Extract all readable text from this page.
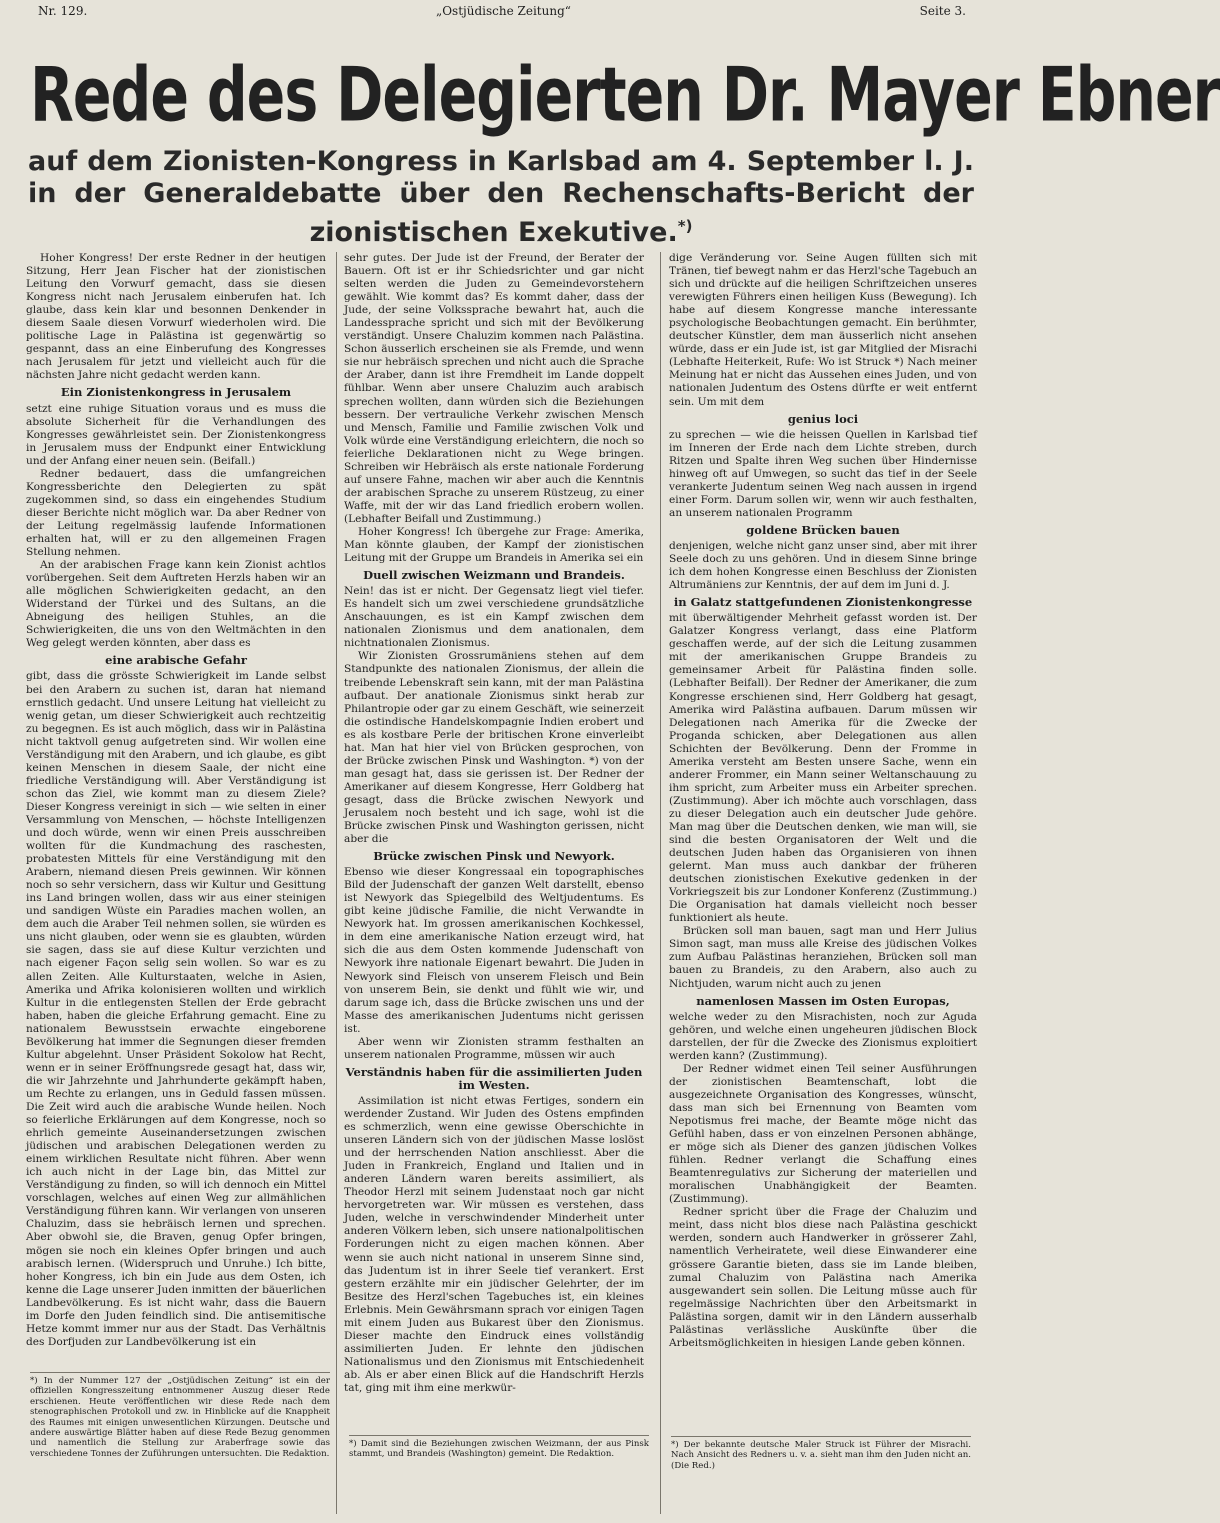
Nr. 129.	„Ostjüdische Zeitung“	Seite 3.
Rede des Delegierten Dr. Mayer Ebner
auf dem Zionisten-Kongress in Karlsbad am 4. September l. J.
in der Generaldebatte über den Rechenschafts-Bericht der
zionistischen Exekutive.*)

Hoher Kongress! Der erste Redner in der heutigen Sitzung, Herr Jean Fischer hat der zionistischen Leitung den Vorwurf gemacht, dass sie diesen Kongress nicht nach Jerusalem einberufen hat. Ich glaube, dass kein klar und besonnen Denkender in diesem Saale diesen Vorwurf wiederholen wird. Die politische Lage in Palästina ist gegenwärtig so gespannt, dass an eine Einberufung des Kongresses nach Jerusalem für jetzt und vielleicht auch für die nächsten Jahre nicht gedacht werden kann.

Ein Zionistenkongress in Jerusalem

setzt eine ruhige Situation voraus und es muss die absolute Sicherheit für die Verhandlungen des Kongresses gewährleistet sein. Der Zionistenkongress in Jerusalem muss der Endpunkt einer Entwicklung und der Anfang einer neuen sein. (Beifall.)

Redner bedauert, dass die umfangreichen Kongressberichte den Delegierten zu spät zugekommen sind, so dass ein eingehendes Studium dieser Berichte nicht möglich war. Da aber Redner von der Leitung regelmässig laufende Informationen erhalten hat, will er zu den allgemeinen Fragen Stellung nehmen.

An der arabischen Frage kann kein Zionist achtlos vorübergehen. Seit dem Auftreten Herzls haben wir an alle möglichen Schwierigkeiten gedacht, an den Widerstand der Türkei und des Sultans, an die Abneigung des heiligen Stuhles, an die Schwierigkeiten, die uns von den Weltmächten in den Weg gelegt werden könnten, aber dass es

eine arabische Gefahr

gibt, dass die grösste Schwierigkeit im Lande selbst bei den Arabern zu suchen ist, daran hat niemand ernstlich gedacht. Und unsere Leitung hat vielleicht zu wenig getan, um dieser Schwierigkeit auch rechtzeitig zu begegnen. Es ist auch möglich, dass wir in Palästina nicht taktvoll genug aufgetreten sind. Wir wollen eine Verständigung mit den Arabern, und ich glaube, es gibt keinen Menschen in diesem Saale, der nicht eine friedliche Verständigung will. Aber Verständigung ist schon das Ziel, wie kommt man zu diesem Ziele? Dieser Kongress vereinigt in sich — wie selten in einer Versammlung von Menschen, — höchste Intelligenzen und doch würde, wenn wir einen Preis ausschreiben wollten für die Kundmachung des raschesten, probatesten Mittels für eine Verständigung mit den Arabern, niemand diesen Preis gewinnen. Wir können noch so sehr versichern, dass wir Kultur und Gesittung ins Land bringen wollen, dass wir aus einer steinigen und sandigen Wüste ein Paradies machen wollen, an dem auch die Araber Teil nehmen sollen, sie würden es uns nicht glauben, oder wenn sie es glaubten, würden sie sagen, dass sie auf diese Kultur verzichten und nach eigener Façon selig sein wollen. So war es zu allen Zeiten. Alle Kulturstaaten, welche in Asien, Amerika und Afrika kolonisieren wollten und wirklich Kultur in die entlegensten Stellen der Erde gebracht haben, haben die gleiche Erfahrung gemacht. Eine zu nationalem Bewusstsein erwachte eingeborene Bevölkerung hat immer die Segnungen dieser fremden Kultur abgelehnt. Unser Präsident Sokolow hat Recht, wenn er in seiner Eröffnungsrede gesagt hat, dass wir, die wir Jahrzehnte und Jahrhunderte gekämpft haben, um Rechte zu erlangen, uns in Geduld fassen müssen. Die Zeit wird auch die arabische Wunde heilen. Noch so feierliche Erklärungen auf dem Kongresse, noch so ehrlich gemeinte Auseinandersetzungen zwischen jüdischen und arabischen Delegationen werden zu einem wirklichen Resultate nicht führen. Aber wenn ich auch nicht in der Lage bin, das Mittel zur Verständigung zu finden, so will ich dennoch ein Mittel vorschlagen, welches auf einen Weg zur allmählichen Verständigung führen kann. Wir verlangen von unseren Chaluzim, dass sie hebräisch lernen und sprechen. Aber obwohl sie, die Braven, genug Opfer bringen, mögen sie noch ein kleines Opfer bringen und auch arabisch lernen. (Widerspruch und Unruhe.) Ich bitte, hoher Kongress, ich bin ein Jude aus dem Osten, ich kenne die Lage unserer Juden inmitten der bäuerlichen Landbevölkerung. Es ist nicht wahr, dass die Bauern im Dorfe den Juden feindlich sind. Die antisemitische Hetze kommt immer nur aus der Stadt. Das Verhältnis des Dorfjuden zur Landbevölkerung ist ein

sehr gutes. Der Jude ist der Freund, der Berater der Bauern. Oft ist er ihr Schiedsrichter und gar nicht selten werden die Juden zu Gemeindevorstehern gewählt. Wie kommt das? Es kommt daher, dass der Jude, der seine Volkssprache bewahrt hat, auch die Landessprache spricht und sich mit der Bevölkerung verständigt. Unsere Chaluzim kommen nach Palästina. Schon äusserlich erscheinen sie als Fremde, und wenn sie nur hebräisch sprechen und nicht auch die Sprache der Araber, dann ist ihre Fremdheit im Lande doppelt fühlbar. Wenn aber unsere Chaluzim auch arabisch sprechen wollten, dann würden sich die Beziehungen bessern. Der vertrauliche Verkehr zwischen Mensch und Mensch, Familie und Familie zwischen Volk und Volk würde eine Verständigung erleichtern, die noch so feierliche Deklarationen nicht zu Wege bringen. Schreiben wir Hebräisch als erste nationale Forderung auf unsere Fahne, machen wir aber auch die Kenntnis der arabischen Sprache zu unserem Rüstzeug, zu einer Waffe, mit der wir das Land friedlich erobern wollen. (Lebhafter Beifall und Zustimmung.)

Hoher Kongress! Ich übergehe zur Frage: Amerika, Man könnte glauben, der Kampf der zionistischen Leitung mit der Gruppe um Brandeis in Amerika sei ein

Duell zwischen Weizmann und Brandeis.

Nein! das ist er nicht. Der Gegensatz liegt viel tiefer. Es handelt sich um zwei verschiedene grundsätzliche Anschauungen, es ist ein Kampf zwischen dem nationalen Zionismus und dem anationalen, dem nichtnationalen Zionismus.

Wir Zionisten Grossrumäniens stehen auf dem Standpunkte des nationalen Zionismus, der allein die treibende Lebenskraft sein kann, mit der man Palästina aufbaut. Der anationale Zionismus sinkt herab zur Philantropie oder gar zu einem Geschäft, wie seinerzeit die ostindische Handelskompagnie Indien erobert und es als kostbare Perle der britischen Krone einverleibt hat. Man hat hier viel von Brücken gesprochen, von der Brücke zwischen Pinsk und Washington. *) von der man gesagt hat, dass sie gerissen ist. Der Redner der Amerikaner auf diesem Kongresse, Herr Goldberg hat gesagt, dass die Brücke zwischen Newyork und Jerusalem noch besteht und ich sage, wohl ist die Brücke zwischen Pinsk und Washington gerissen, nicht aber die

Brücke zwischen Pinsk und Newyork.

Ebenso wie dieser Kongressaal ein topographisches Bild der Judenschaft der ganzen Welt darstellt, ebenso ist Newyork das Spiegelbild des Weltjudentums. Es gibt keine jüdische Familie, die nicht Verwandte in Newyork hat. Im grossen amerikanischen Kochkessel, in dem eine amerikanische Nation erzeugt wird, hat sich die aus dem Osten kommende Judenschaft von Newyork ihre nationale Eigenart bewahrt. Die Juden in Newyork sind Fleisch von unserem Fleisch und Bein von unserem Bein, sie denkt und fühlt wie wir, und darum sage ich, dass die Brücke zwischen uns und der Masse des amerikanischen Judentums nicht gerissen ist.

Aber wenn wir Zionisten stramm festhalten an unserem nationalen Programme, müssen wir auch

Verständnis haben für die assimilierten Juden im Westen.

Assimilation ist nicht etwas Fertiges, sondern ein werdender Zustand. Wir Juden des Ostens empfinden es schmerzlich, wenn eine gewisse Oberschichte in unseren Ländern sich von der jüdischen Masse loslöst und der herrschenden Nation anschliesst. Aber die Juden in Frankreich, England und Italien und in anderen Ländern waren bereits assimiliert, als Theodor Herzl mit seinem Judenstaat noch gar nicht hervorgetreten war. Wir müssen es verstehen, dass Juden, welche in verschwindender Minderheit unter anderen Völkern leben, sich unsere nationalpolitischen Forderungen nicht zu eigen machen können. Aber wenn sie auch nicht national in unserem Sinne sind, das Judentum ist in ihrer Seele tief verankert. Erst gestern erzählte mir ein jüdischer Gelehrter, der im Besitze des Herzl'schen Tagebuches ist, ein kleines Erlebnis. Mein Gewährsmann sprach vor einigen Tagen mit einem Juden aus Bukarest über den Zionismus. Dieser machte den Eindruck eines vollständig assimilierten Juden. Er lehnte den jüdischen Nationalismus und den Zionismus mit Entschiedenheit ab. Als er aber einen Blick auf die Handschrift Herzls tat, ging mit ihm eine merkwür-

dige Veränderung vor. Seine Augen füllten sich mit Tränen, tief bewegt nahm er das Herzl'sche Tagebuch an sich und drückte auf die heiligen Schriftzeichen unseres verewigten Führers einen heiligen Kuss (Bewegung). Ich habe auf diesem Kongresse manche interessante psychologische Beobachtungen gemacht. Ein berühmter, deutscher Künstler, dem man äusserlich nicht ansehen würde, dass er ein Jude ist, ist gar Mitglied der Misrachi (Lebhafte Heiterkeit, Rufe: Wo ist Struck *) Nach meiner Meinung hat er nicht das Aussehen eines Juden, und von nationalen Judentum des Ostens dürfte er weit entfernt sein. Um mit dem

genius loci

zu sprechen — wie die heissen Quellen in Karlsbad tief im Inneren der Erde nach dem Lichte streben, durch Ritzen und Spalte ihren Weg suchen über Hindernisse hinweg oft auf Umwegen, so sucht das tief in der Seele verankerte Judentum seinen Weg nach aussen in irgend einer Form. Darum sollen wir, wenn wir auch festhalten, an unserem nationalen Programm

goldene Brücken bauen

denjenigen, welche nicht ganz unser sind, aber mit ihrer Seele doch zu uns gehören. Und in diesem Sinne bringe ich dem hohen Kongresse einen Beschluss der Zionisten Altrumäniens zur Kenntnis, der auf dem im Juni d. J.

in Galatz stattgefundenen Zionistenkongresse

mit überwältigender Mehrheit gefasst worden ist. Der Galatzer Kongress verlangt, dass eine Platform geschaffen werde, auf der sich die Leitung zusammen mit der amerikanischen Gruppe Brandeis zu gemeinsamer Arbeit für Palästina finden solle. (Lebhafter Beifall). Der Redner der Amerikaner, die zum Kongresse erschienen sind, Herr Goldberg hat gesagt, Amerika wird Palästina aufbauen. Darum müssen wir Delegationen nach Amerika für die Zwecke der Proganda schicken, aber Delegationen aus allen Schichten der Bevölkerung. Denn der Fromme in Amerika versteht am Besten unsere Sache, wenn ein anderer Frommer, ein Mann seiner Weltanschauung zu ihm spricht, zum Arbeiter muss ein Arbeiter sprechen. (Zustimmung). Aber ich möchte auch vorschlagen, dass zu dieser Delegation auch ein deutscher Jude gehöre. Man mag über die Deutschen denken, wie man will, sie sind die besten Organisatoren der Welt und die deutschen Juden haben das Organisieren von ihnen gelernt. Man muss auch dankbar der früheren deutschen zionistischen Exekutive gedenken in der Vorkriegszeit bis zur Londoner Konferenz (Zustimmung.) Die Organisation hat damals vielleicht noch besser funktioniert als heute.

Brücken soll man bauen, sagt man und Herr Julius Simon sagt, man muss alle Kreise des jüdischen Volkes zum Aufbau Palästinas heranziehen, Brücken soll man bauen zu Brandeis, zu den Arabern, also auch zu Nichtjuden, warum nicht auch zu jenen

namenlosen Massen im Osten Europas,

welche weder zu den Misrachisten, noch zur Aguda gehören, und welche einen ungeheuren jüdischen Block darstellen, der für die Zwecke des Zionismus exploitiert werden kann? (Zustimmung).

Der Redner widmet einen Teil seiner Ausführungen der zionistischen Beamtenschaft, lobt die ausgezeichnete Organisation des Kongresses, wünscht, dass man sich bei Ernennung von Beamten vom Nepotismus frei mache, der Beamte möge nicht das Gefühl haben, dass er von einzelnen Personen abhänge, er möge sich als Diener des ganzen jüdischen Volkes fühlen. Redner verlangt die Schaffung eines Beamtenregulativs zur Sicherung der materiellen und moralischen Unabhängigkeit der Beamten. (Zustimmung).

Redner spricht über die Frage der Chaluzim und meint, dass nicht blos diese nach Palästina geschickt werden, sondern auch Handwerker in grösserer Zahl, namentlich Verheiratete, weil diese Einwanderer eine grössere Garantie bieten, dass sie im Lande bleiben, zumal Chaluzim von Palästina nach Amerika ausgewandert sein sollen. Die Leitung müsse auch für regelmässige Nachrichten über den Arbeitsmarkt in Palästina sorgen, damit wir in den Ländern ausserhalb Palästinas verlässliche Auskünfte über die Arbeitsmöglichkeiten in hiesigen Lande geben können.

*) In der Nummer 127 der „Ostjüdischen Zeitung“ ist ein der offiziellen Kongresszeitung entnommener Auszug dieser Rede erschienen. Heute veröffentlichen wir diese Rede nach dem stenographischen Protokoll und zw. in Hinblicke auf die Knappheit des Raumes mit einigen unwesentlichen Kürzungen. Deutsche und andere auswärtige Blätter haben auf diese Rede Bezug genommen und namentlich die Stellung zur Araberfrage sowie das verschiedene Tonnes der Zuführungen untersuchten. Die Redaktion.
*) Damit sind die Beziehungen zwischen Weizmann, der aus Pinsk stammt, und Brandeis (Washington) gemeint. Die Redaktion.
*) Der bekannte deutsche Maler Struck ist Führer der Misrachi. Nach Ansicht des Redners u. v. a. sieht man ihm den Juden nicht an. (Die Red.)
